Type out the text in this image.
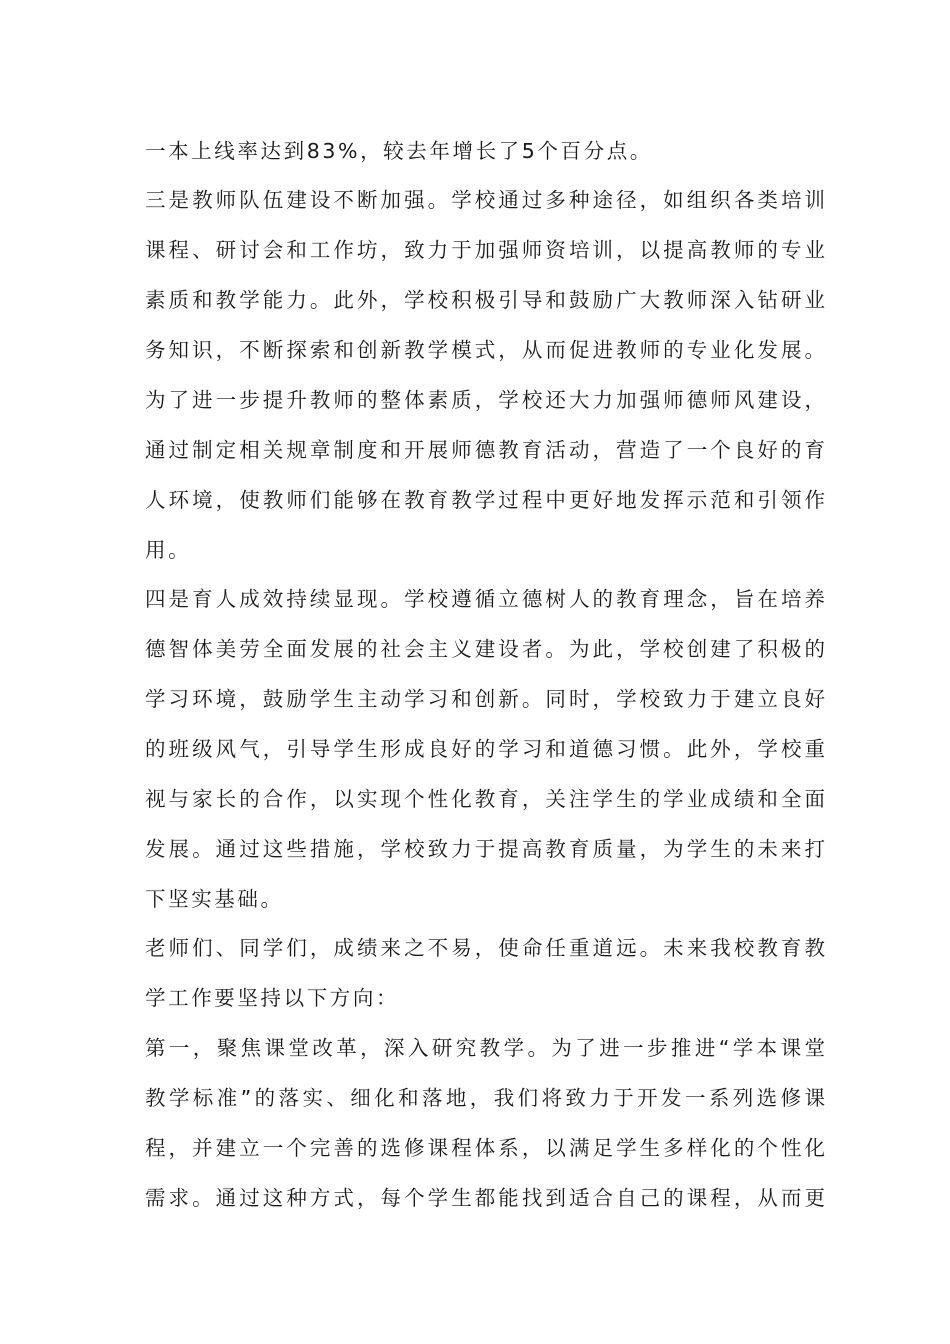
一本上线率达到83%，较去年增长了5个百分点。
三是教师队伍建设不断加强。学校通过多种途径，如组织各类培训
课程、研讨会和工作坊，致力于加强师资培训，以提高教师的专业
素质和教学能力。此外，学校积极引导和鼓励广大教师深入钻研业
务知识，不断探索和创新教学模式，从而促进教师的专业化发展。
为了进一步提升教师的整体素质，学校还大力加强师德师风建设，
通过制定相关规章制度和开展师德教育活动，营造了一个良好的育
人环境，使教师们能够在教育教学过程中更好地发挥示范和引领作
用。
四是育人成效持续显现。学校遵循立德树人的教育理念，旨在培养
德智体美劳全面发展的社会主义建设者。为此，学校创建了积极的
学习环境，鼓励学生主动学习和创新。同时，学校致力于建立良好
的班级风气，引导学生形成良好的学习和道德习惯。此外，学校重
视与家长的合作，以实现个性化教育，关注学生的学业成绩和全面
发展。通过这些措施，学校致力于提高教育质量，为学生的未来打
下坚实基础。
老师们、同学们，成绩来之不易，使命任重道远。未来我校教育教
学工作要坚持以下方向：
第一，聚焦课堂改革，深入研究教学。为了进一步推进“学本课堂
教学标准”的落实、细化和落地，我们将致力于开发一系列选修课
程，并建立一个完善的选修课程体系，以满足学生多样化的个性化
需求。通过这种方式，每个学生都能找到适合自己的课程，从而更
